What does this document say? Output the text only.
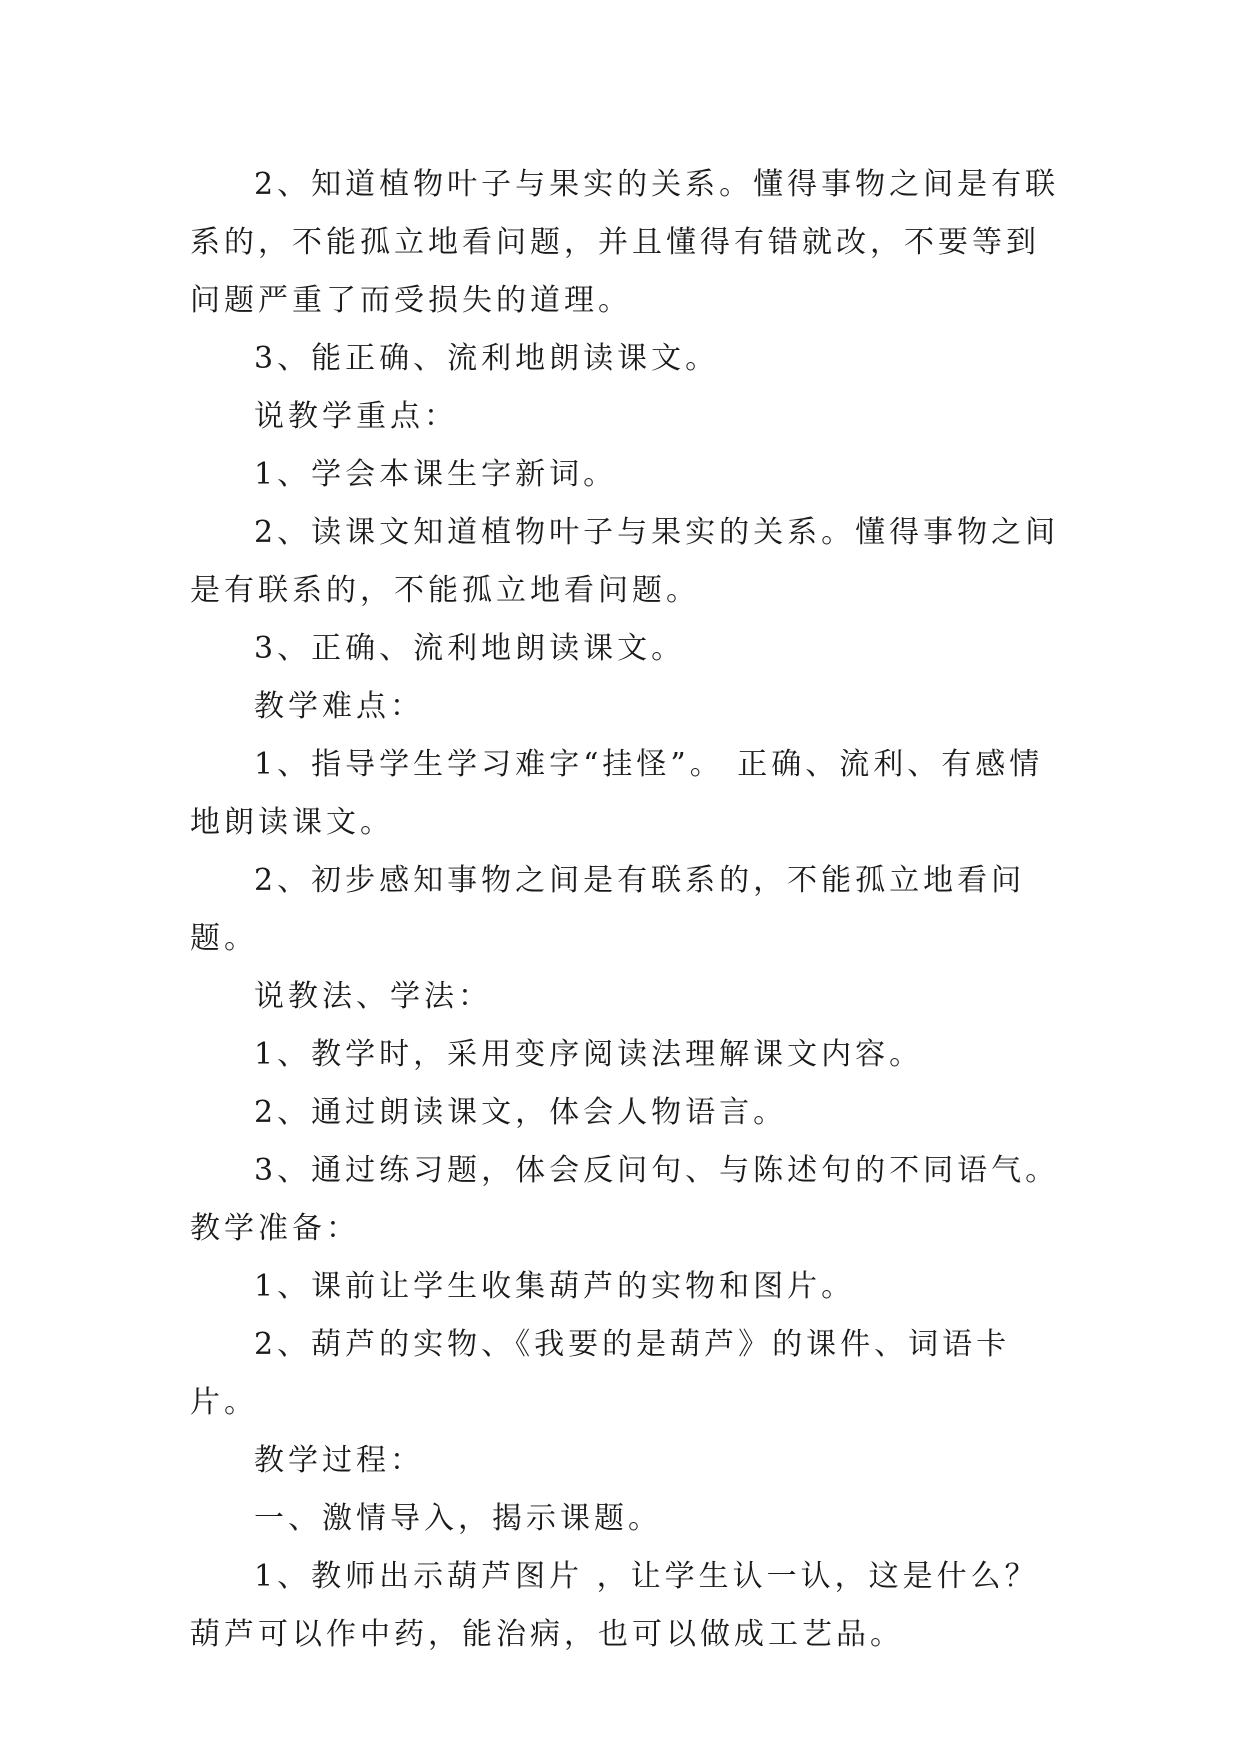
2、知道植物叶子与果实的关系。懂得事物之间是有联系的，不能孤立地看问题，并且懂得有错就改，不要等到问题严重了而受损失的道理。

3、能正确、流利地朗读课文。

说教学重点：

1、学会本课生字新词。

2、读课文知道植物叶子与果实的关系。懂得事物之间是有联系的，不能孤立地看问题。

3、正确、流利地朗读课文。

教学难点：

1、指导学生学习难字“挂怪”。 正确、流利、有感情地朗读课文。

2、初步感知事物之间是有联系的，不能孤立地看问题。

说教法、学法：

1、教学时，采用变序阅读法理解课文内容。

2、通过朗读课文，体会人物语言。

3、通过练习题，体会反问句、与陈述句的不同语气。

教学准备：

1、课前让学生收集葫芦的实物和图片。

2、葫芦的实物、《我要的是葫芦》的课件、词语卡片。

教学过程：

一、激情导入，揭示课题。

1、教师出示葫芦图片 ，让学生认一认，这是什么？葫芦可以作中药，能治病，也可以做成工艺品。
